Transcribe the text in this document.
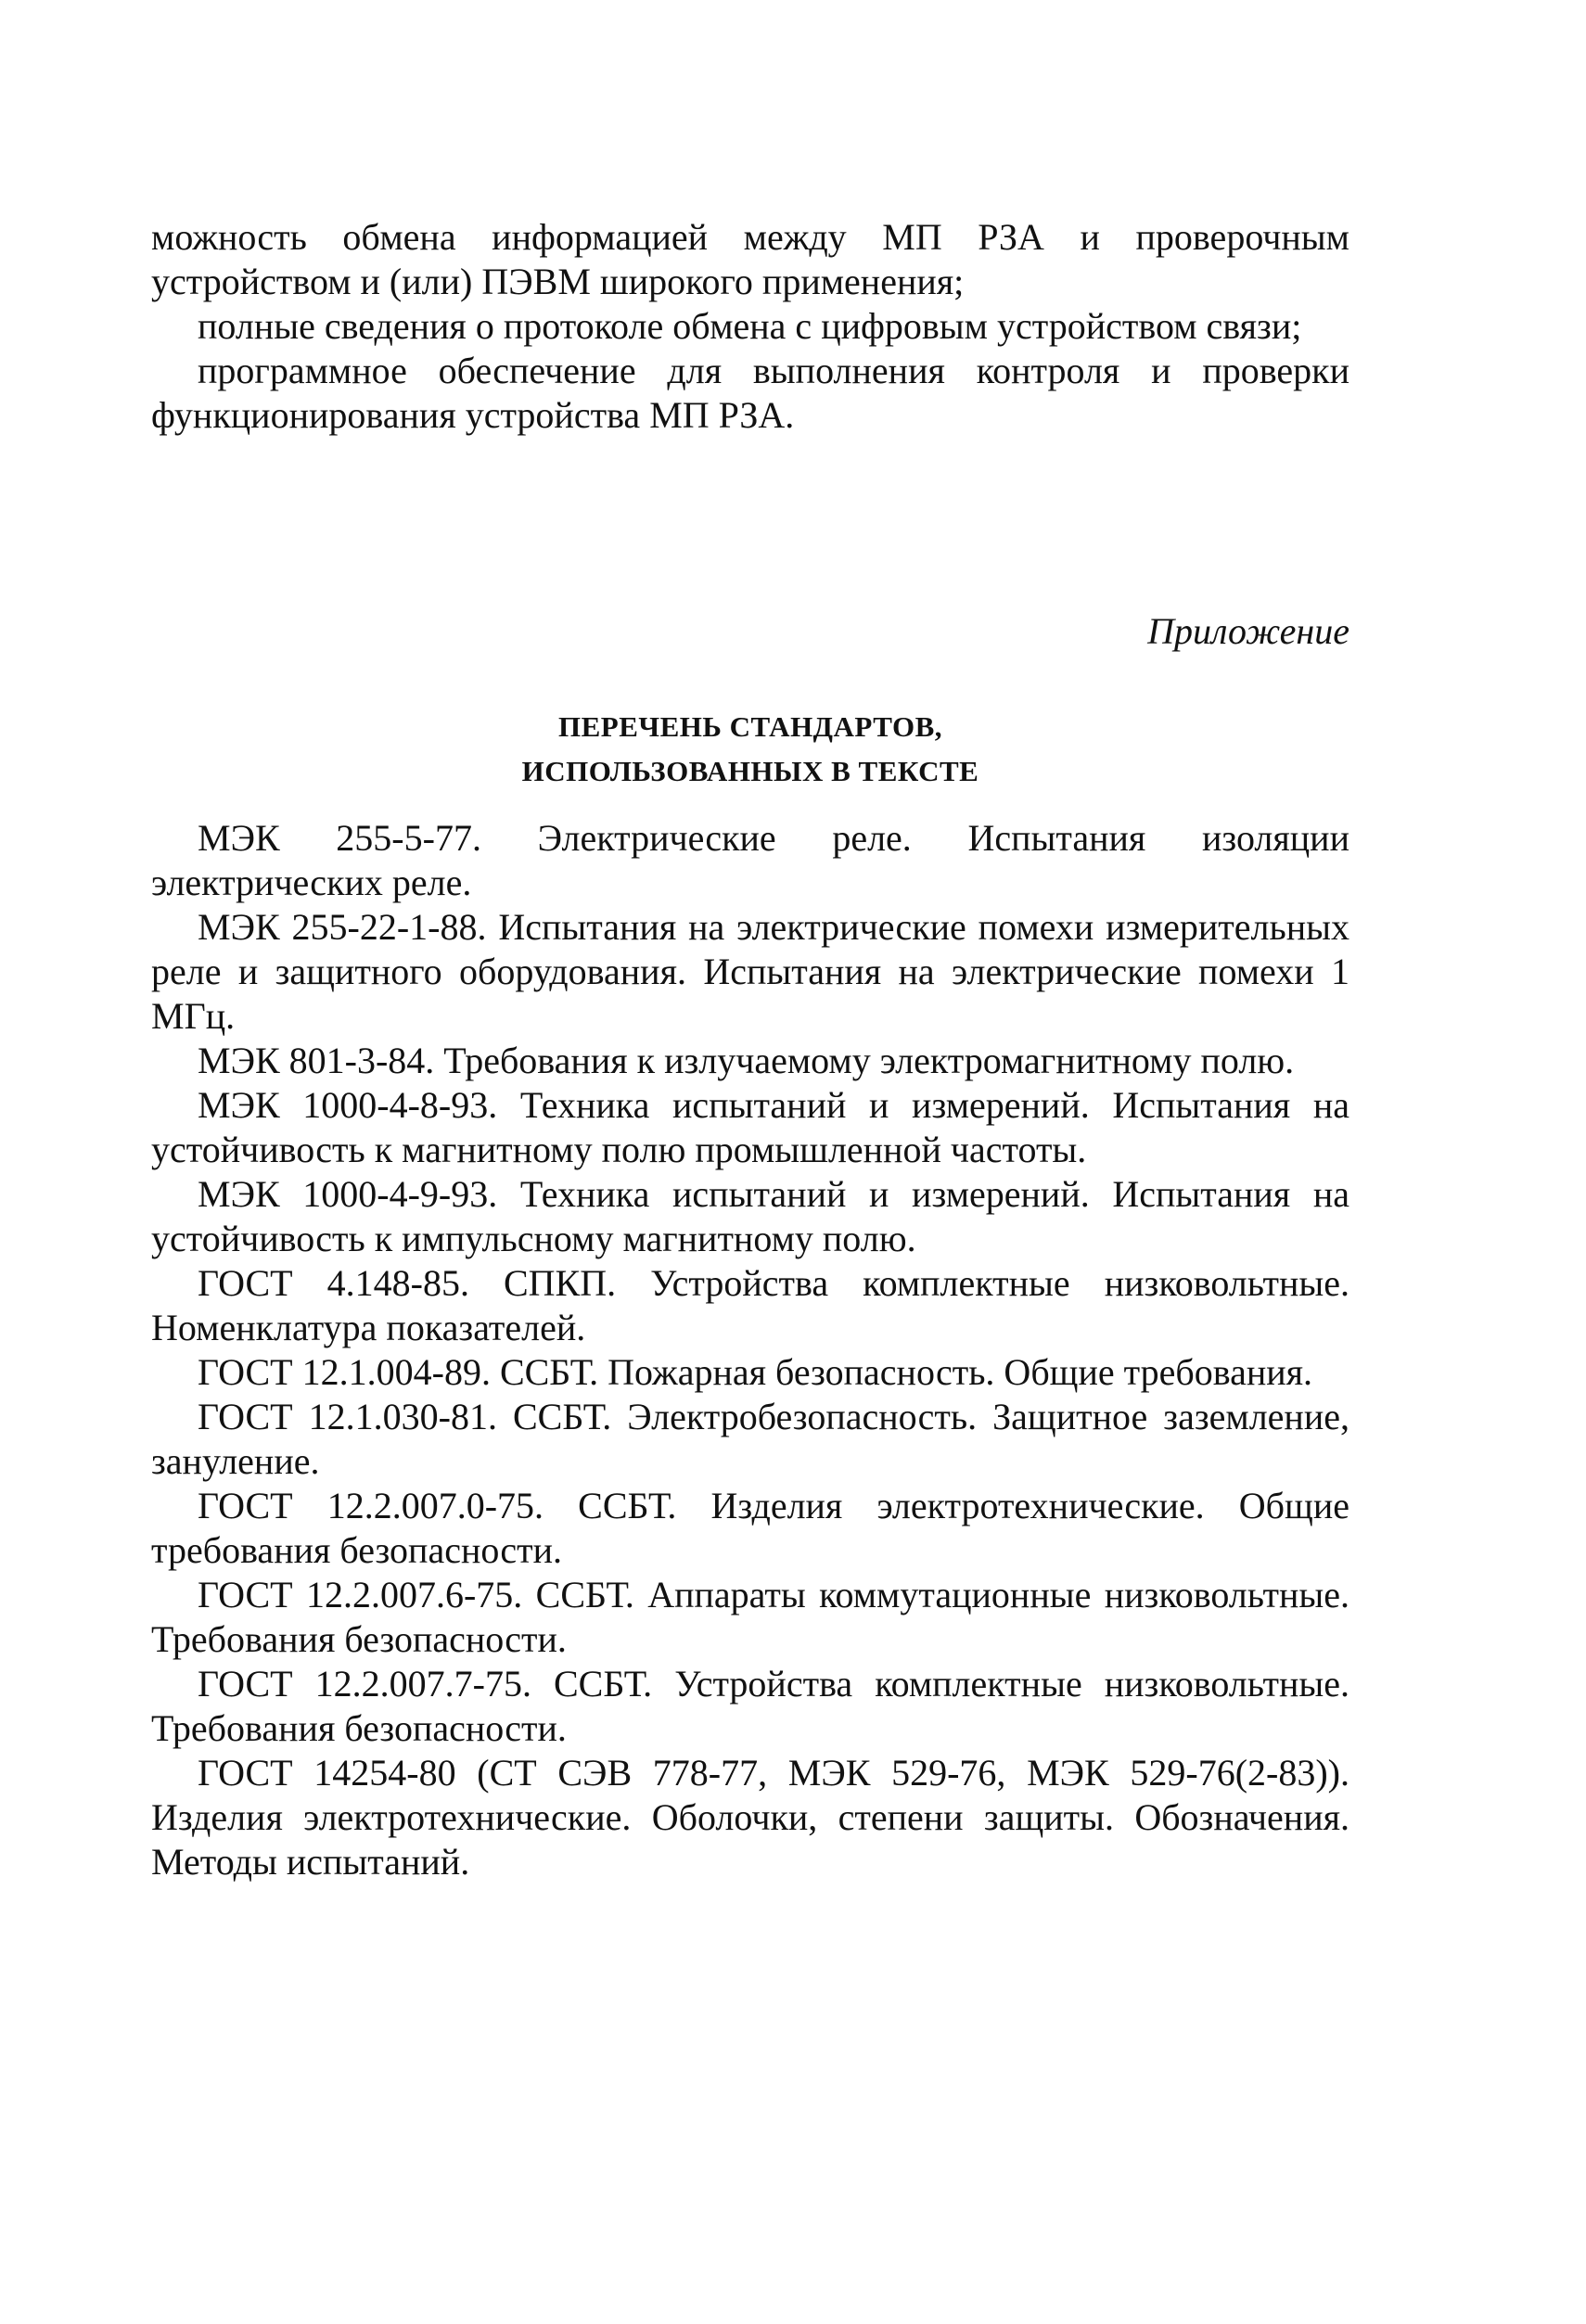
можность обмена информацией между МП РЗА и проверочным устройством и (или) ПЭВМ широкого применения;

полные сведения о протоколе обмена с цифровым устройством связи;

программное обеспечение для выполнения контроля и проверки функционирования устройства МП РЗА.

Приложение
ПЕРЕЧЕНЬ СТАНДАРТОВ,
ИСПОЛЬЗОВАННЫХ В ТЕКСТЕ

МЭК 255-5-77. Электрические реле. Испытания изоляции электрических реле.

МЭК 255-22-1-88. Испытания на электрические помехи измерительных реле и защитного оборудования. Испытания на электрические помехи 1 МГц.

МЭК 801-3-84. Требования к излучаемому электромагнитному полю.

МЭК 1000-4-8-93. Техника испытаний и измерений. Испытания на устойчивость к магнитному полю промышленной частоты.

МЭК 1000-4-9-93. Техника испытаний и измерений. Испытания на устойчивость к импульсному магнитному полю.

ГОСТ 4.148-85. СПКП. Устройства комплектные низковольтные. Номенклатура показателей.

ГОСТ 12.1.004-89. ССБТ. Пожарная безопасность. Общие требования.

ГОСТ 12.1.030-81. ССБТ. Электробезопасность. Защитное заземление, зануление.

ГОСТ 12.2.007.0-75. ССБТ. Изделия электротехнические. Общие требования безопасности.

ГОСТ 12.2.007.6-75. ССБТ. Аппараты коммутационные низковольтные. Требования безопасности.

ГОСТ 12.2.007.7-75. ССБТ. Устройства комплектные низковольтные. Требования безопасности.

ГОСТ 14254-80 (СТ СЭВ 778-77, МЭК 529-76, МЭК 529-76(2-83)). Изделия электротехнические. Оболочки, степени защиты. Обозначения. Методы испытаний.
